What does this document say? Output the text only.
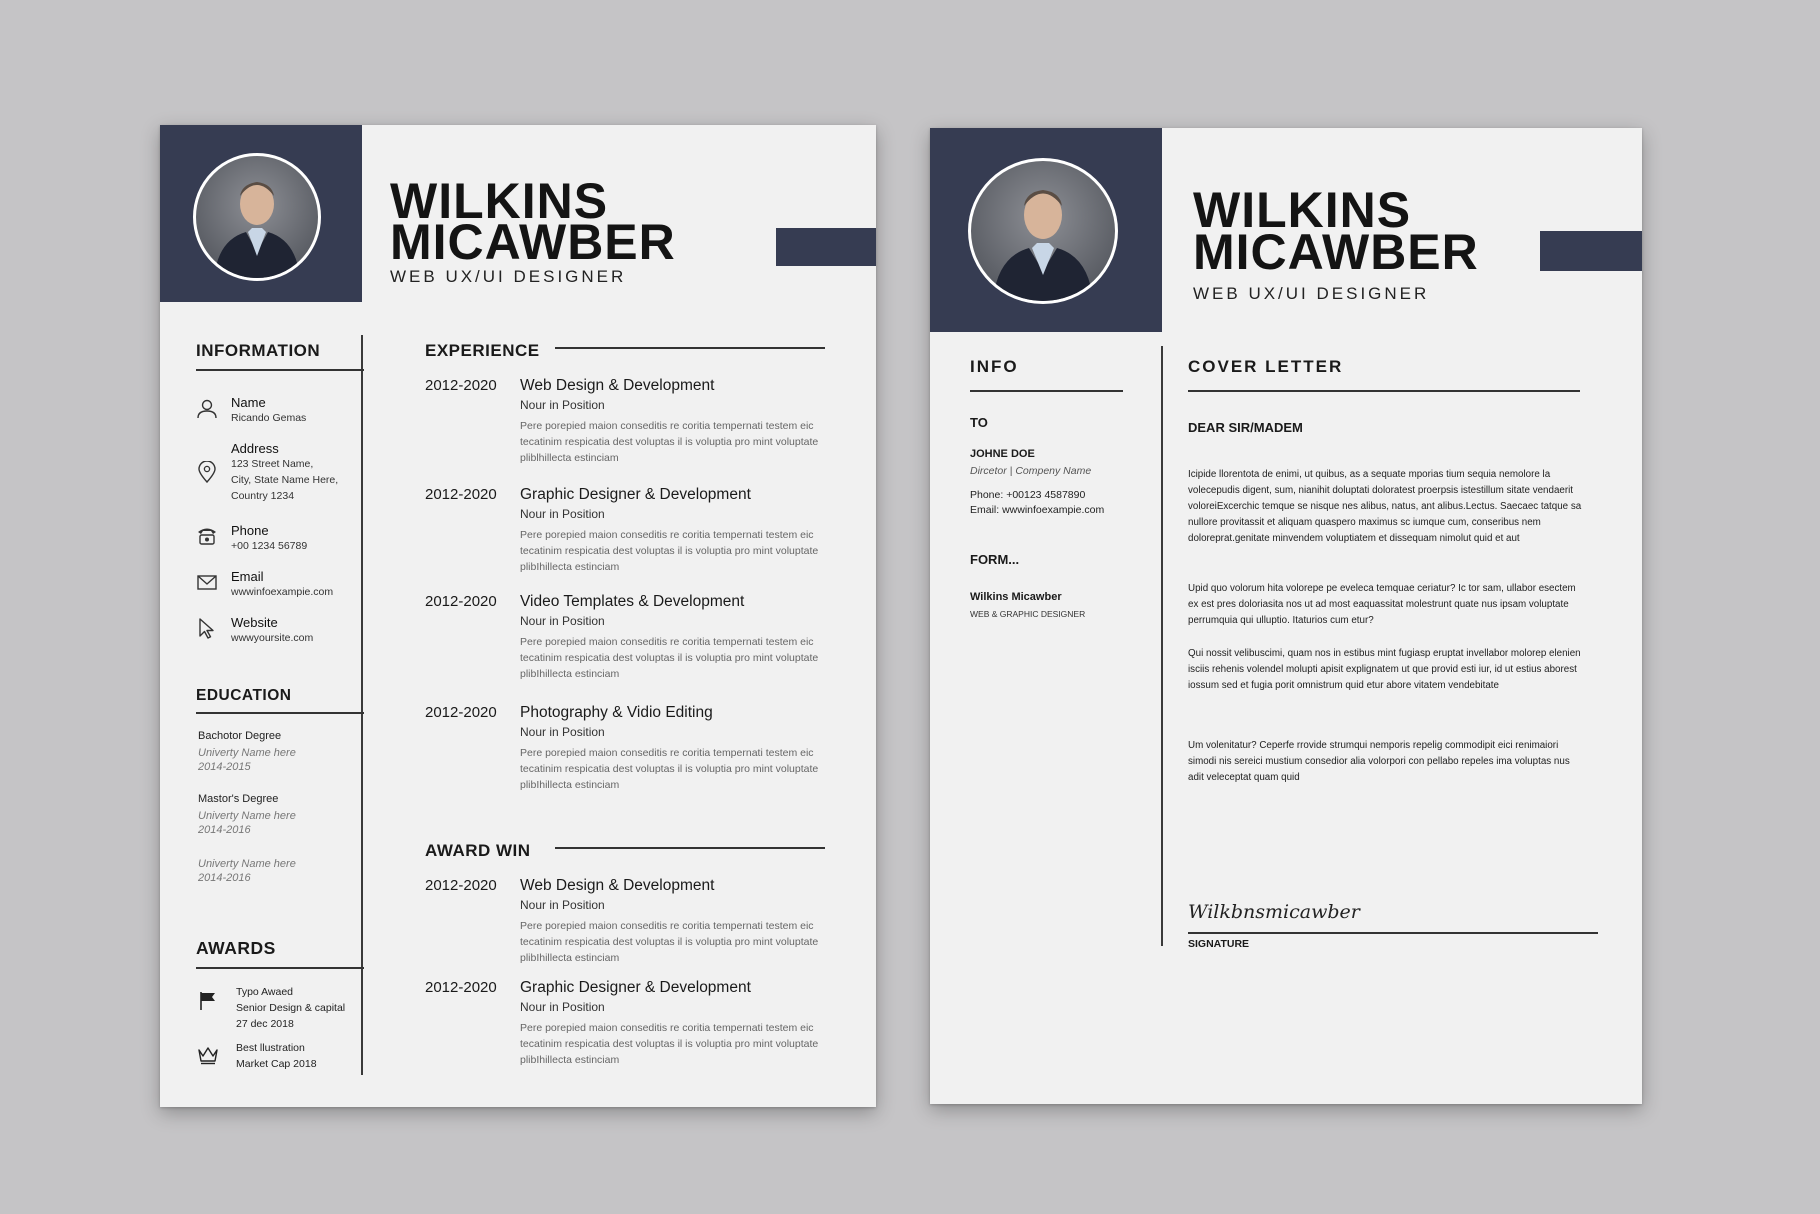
WILKINS
MICAWBER
WEB UX/UI DESIGNER
INFORMATION
Name
Ricando Gemas
Address
123 Street Name,
City, State Name Here,
Country 1234
Phone
+00 1234 56789
Email
wwwinfoexampie.com
Website
wwwyoursite.com
EDUCATION
Bachotor Degree
Univerty Name here
2014-2015
Mastor's Degree
Univerty Name here
2014-2016
Univerty Name here
2014-2016
AWARDS
Typo Awaed
Senior Design & capital
27 dec 2018
Best llustration
Market Cap 2018
EXPERIENCE
2012-2020 Web Design & Development
Nour in Position
Pere porepied maion conseditis re coritia tempernati testem eic tecatinim respicatia dest voluptas il is voluptia pro mint voluptate pliblhillecta estinciam
2012-2020 Graphic Designer & Development
Nour in Position
Pere porepied maion consеditis re coritia tempernati testem eic tecatinim respicatia dest voluptas il is voluptia pro mint voluptate plibIhillecta estinciam
2012-2020 Video Templates & Development
Nour in Position
Pere porepied maion conseditis re coritia tempernati testem eic tecatinim respicatia dest voluptas il is voluptia pro mint voluptate plibIhillecta estinciam
2012-2020 Photography & Vidio Editing
Nour in Position
Pere porepied maion conseditis re coritia tempernati testem eic tecatinim respicatia dest voluptas il is voluptia pro mint voluptate plibIhillecta estinciam
AWARD WIN
2012-2020 Web Design & Development
Nour in Position
Pere porepied maion conseditis re coritia tempernati testem eic tecatinim respicatia dest voluptas il is voluptia pro mint voluptate plibIhillecta estinciam
2012-2020 Graphic Designer & Development
Nour in Position
Pere porepied maion conseditis re coritia tempernati testem eic tecatinim respicatia dest voluptas il is voluptia pro mint voluptate plibIhillecta estinciam
WILKINS
MICAWBER
WEB UX/UI DESIGNER
INFO
TO
JOHNE DOE
Dircetor | Compeny Name
Phone: +00123 4587890
Email: wwwinfoexampie.com
FORM...
Wilkins Micawber
WEB & GRAPHIC DESIGNER
COVER LETTER
DEAR SIR/MADEM
Icipide llorentota de enimi, ut quibus, as a sequate mporias tium sequia nemolore la volecepudis digent, sum, nianihit doluptati doloratest proerpsis istestillum sitate vendaerit voloreiExcerchic temque se nisque nes alibus, natus, ant alibus.Lectus. Saecaec tatque sa nullore provitassit et aliquam quaspero maximus sc iumque cum, conseribus nem doloreprat.genitate minvendem voluptiatem et dissequam nimolut quid et aut
Upid quo volorum hita volorepe pe eveleca temquae ceriatur? Ic tor sam, ullabor esectem ex est pres doloriasita nos ut ad most eaquassitat molestrunt quate nus ipsam voluptate perrumquia qui ulluptio. Itaturios cum etur?
Qui nossit velibuscimi, quam nos in estibus mint fugiasp eruptat invellabor molorep elenien isciis rehenis volendel molupti apisit explignatem ut que provid esti iur, id ut estius aborest iossum sed et fugia porit omnistrum quid etur abore vitatem vendebitate
Um volenitatur? Ceperfe rrovide strumqui nemporis repelig commodipit eici renimaiori simodi nis sereici mustium consedior alia volorpori con pellabo repeles ima voluptas nus adit veleceptat quam quid
Wilkbnsmicawber
SIGNATURE
